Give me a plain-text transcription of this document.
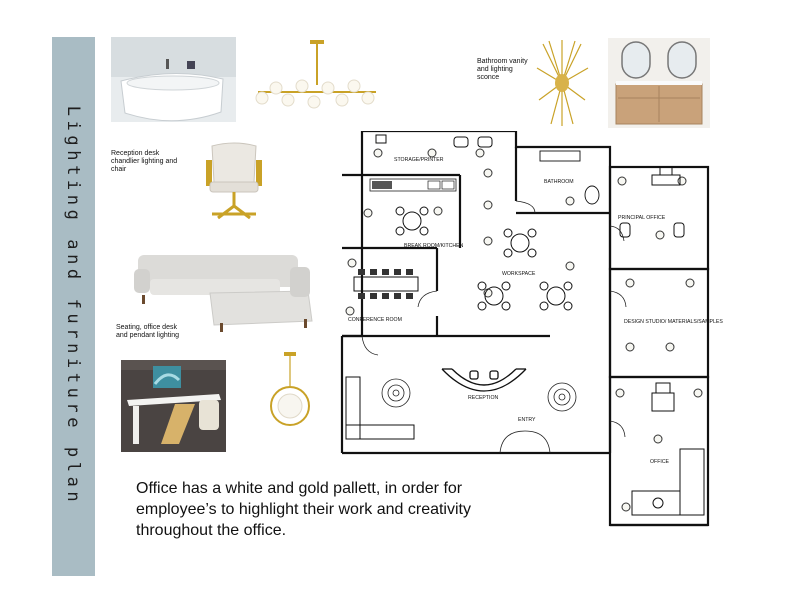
Lighting and furniture plan
Bathroom vanity and lighting sconce
Reception desk chandlier lighting and chair
Seating, office desk and pendant lighting
Office has a white and gold pallett, in order for employee’s to highlight their work and creativity throughout the office.
STORAGE/PRINTER
BATHROOM
BREAK ROOM/KITCHEN
WORKSPACE
CONFERENCE ROOM
PRINCIPAL OFFICE
DESIGN STUDIO/ MATERIALS/SAMPLES
RECEPTION
ENTRY
OFFICE
